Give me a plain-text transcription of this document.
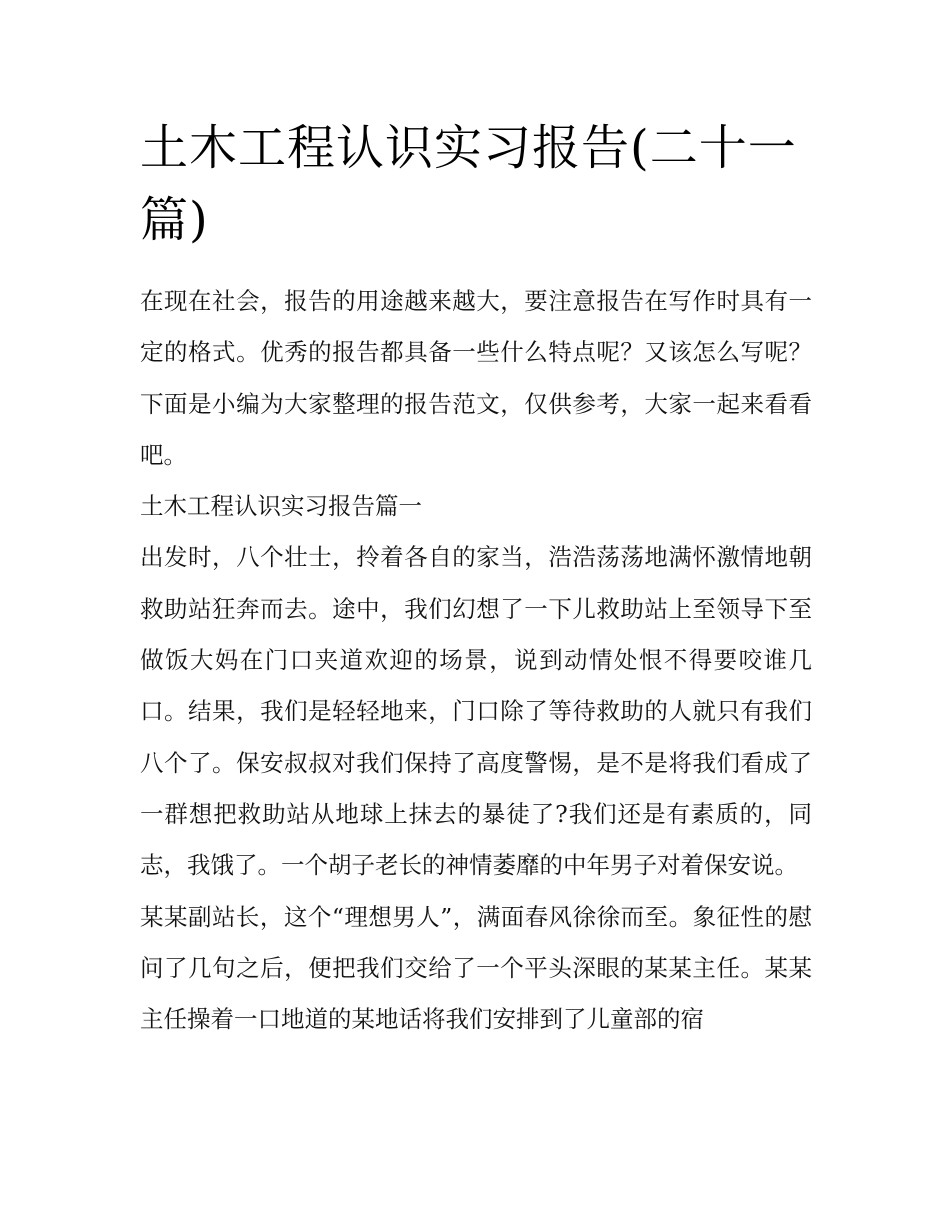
土木工程认识实习报告(二十一篇)

在现在社会，报告的用途越来越大，要注意报告在写作时具有一定的格式。优秀的报告都具备一些什么特点呢？又该怎么写呢？下面是小编为大家整理的报告范文，仅供参考，大家一起来看看吧。

土木工程认识实习报告篇一

出发时，八个壮士，拎着各自的家当，浩浩荡荡地满怀激情地朝救助站狂奔而去。途中，我们幻想了一下儿救助站上至领导下至做饭大妈在门口夹道欢迎的场景，说到动情处恨不得要咬谁几口。结果，我们是轻轻地来，门口除了等待救助的人就只有我们八个了。保安叔叔对我们保持了高度警惕，是不是将我们看成了一群想把救助站从地球上抹去的暴徒了?我们还是有素质的，同志，我饿了。一个胡子老长的神情萎靡的中年男子对着保安说。

某某副站长，这个“理想男人”，满面春风徐徐而至。象征性的慰问了几句之后，便把我们交给了一个平头深眼的某某主任。某某主任操着一口地道的某地话将我们安排到了儿童部的宿
